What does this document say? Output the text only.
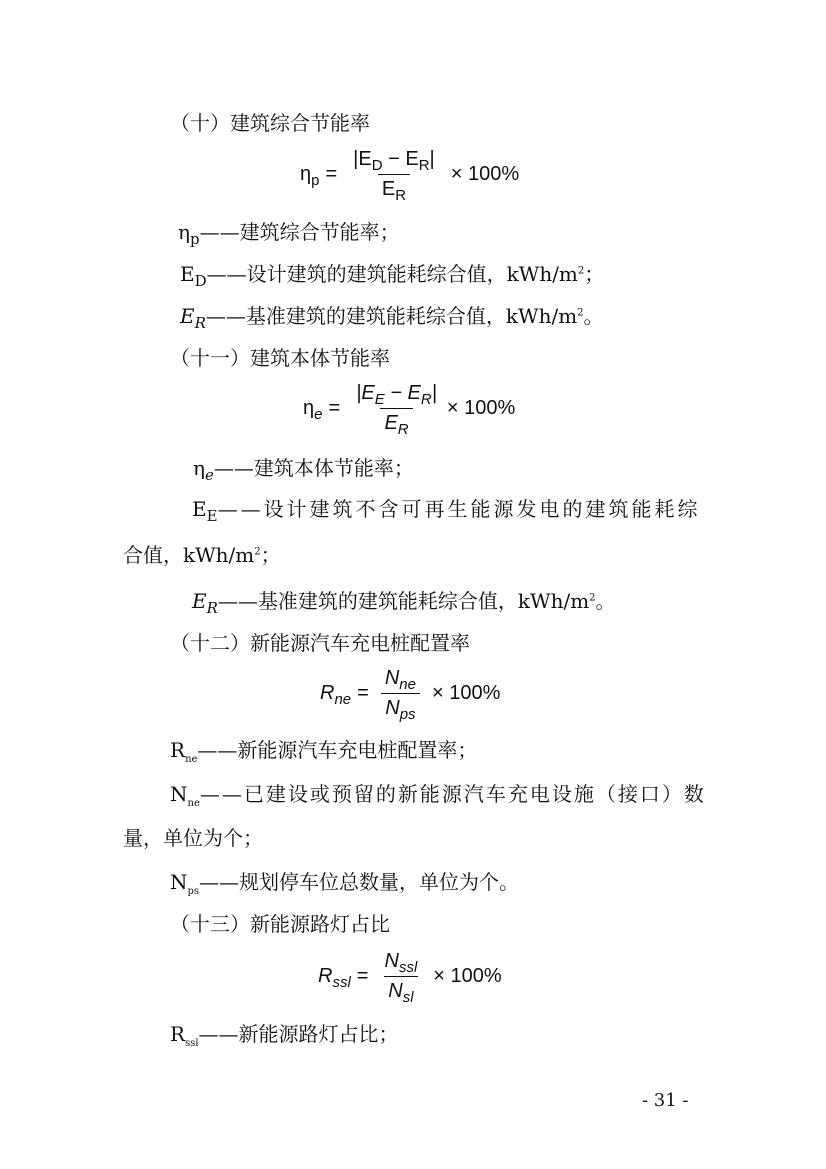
（十）建筑综合节能率
$\eta_p = \frac{|E_D - E_R|}{E_R} \times 100\%$
$\eta_p——$建筑综合节能率；
$E_D——$设计建筑的建筑能耗综合值，kWh/$m^2$；
$E_R——$基准建筑的建筑能耗综合值，kWh/$m^2$。
（十一）建筑本体节能率
$\eta_e = \frac{|E_E - E_R|}{E_R} \times 100\%$
$\eta_e——$建筑本体节能率；
$E_E——$设计建筑不含可再生能源发电的建筑能耗综
合值，kWh/$m^2$；
$E_R——$基准建筑的建筑能耗综合值，kWh/$m^2$。
（十二）新能源汽车充电桩配置率
$R_{ne} = \frac{N_{ne}}{N_{ps}} \times 100\%$
$R_{ne}——$新能源汽车充电桩配置率；
$N_{ne}——$已建设或预留的新能源汽车充电设施（接口）数
量，单位为个；
$N_{ps}——$规划停车位总数量，单位为个。
（十三）新能源路灯占比
$R_{ssl} = \frac{N_{ssl}}{N_{sl}} \times 100\%$
$R_{ssl}——$新能源路灯占比；
- 31 -
